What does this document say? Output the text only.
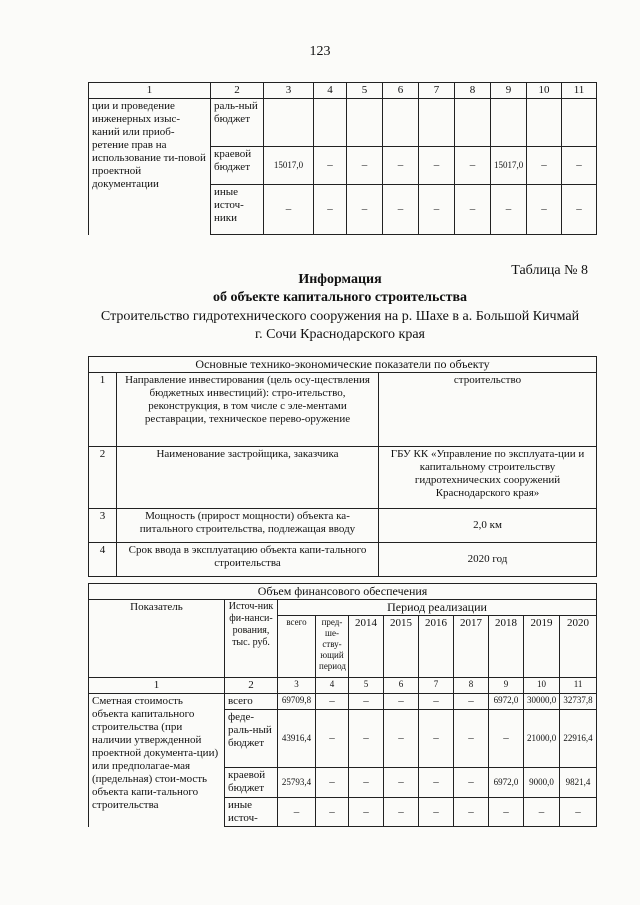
123
1	2	3	4	5	6	7	8	9	10	11
ции и проведение инженерных изыс-каний или приоб-ретение прав на использование ти-повой проектной документации	раль-ный бюджет									
	краевой бюджет	15017,0	–	–	–	–	–	15017,0	–	–
	иные источ-ники	–	–	–	–	–	–	–	–	–
Таблица № 8
Информация
об объекте капитального строительства
Строительство гидротехнического сооружения на р. Шахе в а. Большой Кичмай г. Сочи Краснодарского края
Основные технико-экономические показатели по объекту		
1	Направление инвестирования (цель осу-ществления бюджетных инвестиций): стро-ительство, реконструкция, в том числе с эле-ментами реставрации, техническое перево-оружение	строительство
2	Наименование застройщика, заказчика	ГБУ КК «Управление по эксплуата-ции и капитальному строительству гидротехнических сооружений Краснодарского края»
3	Мощность (прирост мощности) объекта ка-питального строительства, подлежащая вводу	2,0 км
4	Срок ввода в эксплуатацию объекта капи-тального строительства	2020 год
Объем финансового обеспечения										
Показатель	Источ-ник фи-нанси-рования, тыс. руб.	Период реализации								
		всего	пред-ше-ству-ющий период	2014	2015	2016	2017	2018	2019	2020
1	2	3	4	5	6	7	8	9	10	11
Сметная стоимость объекта капитального строительства (при наличии утвержденной проектной документа-ции) или предполагае-мая (предельная) стои-мость объекта капи-тального строительства	всего	69709,8	–	–	–	–	–	6972,0	30000,0	32737,8
	феде-раль-ный бюджет	43916,4	–	–	–	–	–	–	21000,0	22916,4
	краевой бюджет	25793,4	–	–	–	–	–	6972,0	9000,0	9821,4
	иные источ-	–	–	–	–	–	–	–	–	–
